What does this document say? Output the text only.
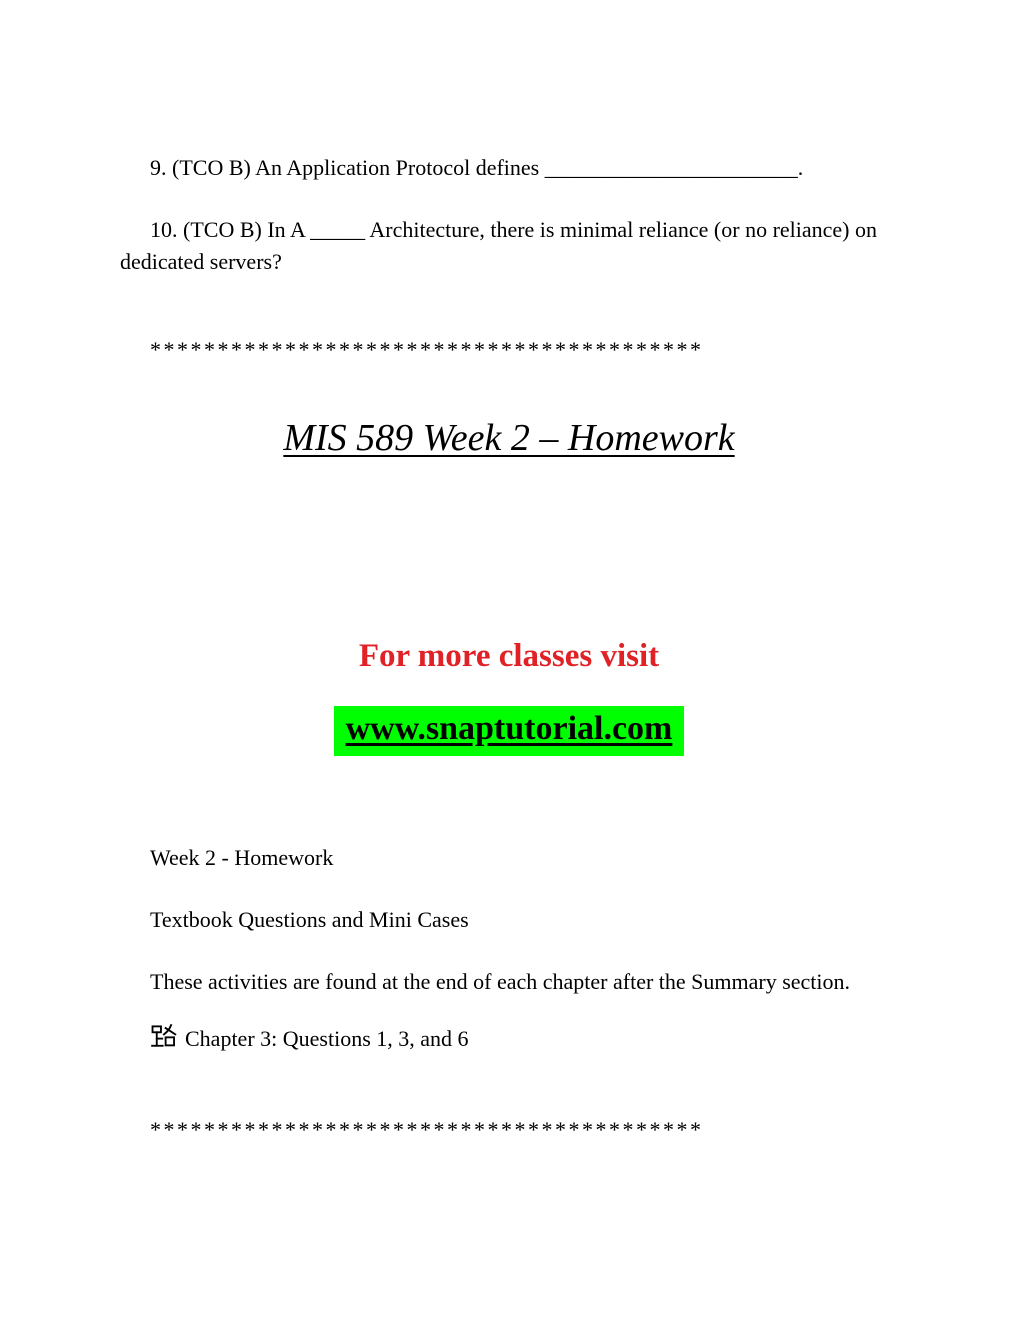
9. (TCO B) An Application Protocol defines _______________________.

10. (TCO B) In A _____ Architecture, there is minimal reliance (or no reliance) on dedicated servers?

*****************************************

MIS 589 Week 2 – Homework

For more classes visit

www.snaptutorial.com

Week 2 - Homework

Textbook Questions and Mini Cases

These activities are found at the end of each chapter after the Summary section.

Chapter 3: Questions 1, 3, and 6

*****************************************
